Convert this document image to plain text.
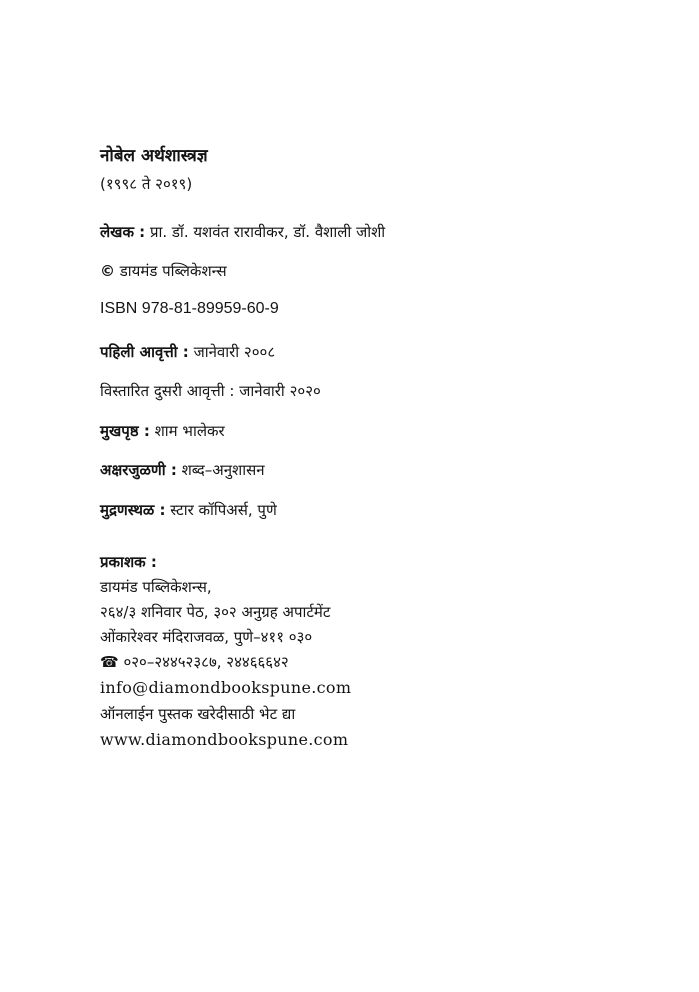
नोबेल अर्थशास्त्रज्ञ
(१९९८ ते २०१९)
लेखक : प्रा. डॉ. यशवंत रारावीकर, डॉ. वैशाली जोशी
© डायमंड पब्लिकेशन्स
ISBN 978-81-89959-60-9
पहिली आवृत्ती : जानेवारी २००८
विस्तारित दुसरी आवृत्ती : जानेवारी २०२०
मुखपृष्ठ : शाम भालेकर
अक्षरजुळणी : शब्द–अनुशासन
मुद्रणस्थळ : स्टार कॉपिअर्स, पुणे
प्रकाशक :
डायमंड पब्लिकेशन्स,
२६४/३ शनिवार पेठ, ३०२ अनुग्रह अपार्टमेंट
ओंकारेश्वर मंदिराजवळ, पुणे–४११ ०३०
☎ ०२०–२४४५२३८७, २४४६६६४२
info@diamondbookspune.com
ऑनलाईन पुस्तक खरेदीसाठी भेट द्या
www.diamondbookspune.com
